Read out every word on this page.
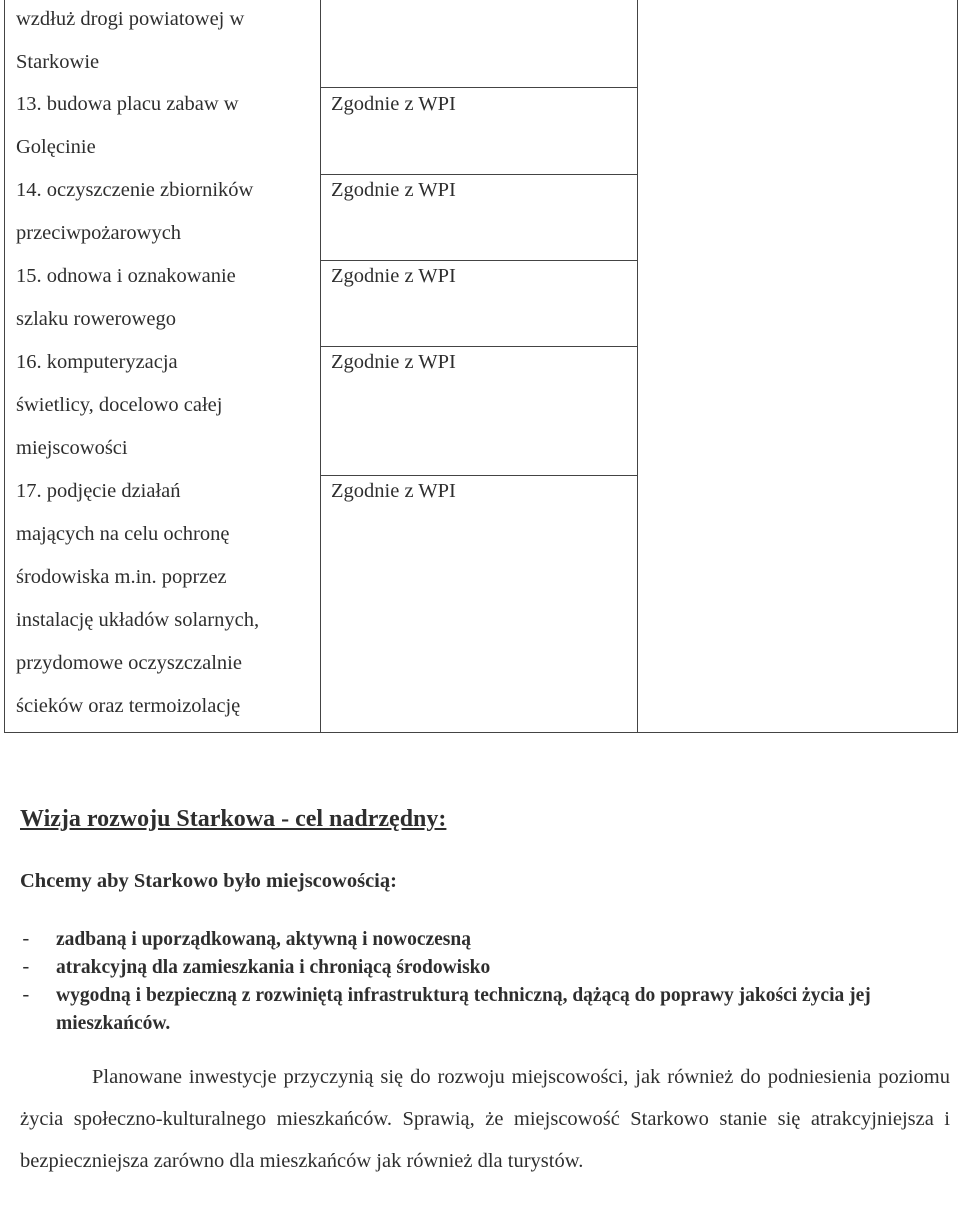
wzdłuż drogi powiatowej w
Starkowie
13. budowa placu zabaw w
Golęcinie
Zgodnie z WPI
14. oczyszczenie zbiorników
przeciwpożarowych
Zgodnie z WPI
15. odnowa i oznakowanie
szlaku rowerowego
Zgodnie z WPI
16. komputeryzacja
świetlicy, docelowo całej
miejscowości
Zgodnie z WPI
17. podjęcie działań
mających na celu ochronę
środowiska m.in. poprzez
instalację układów solarnych,
przydomowe oczyszczalnie
ścieków oraz termoizolację
Zgodnie z WPI
Wizja rozwoju Starkowa - cel nadrzędny:
Chcemy aby Starkowo było miejscowością:
-	zadbaną i uporządkowaną, aktywną i nowoczesną
-	atrakcyjną dla zamieszkania i chroniącą środowisko
-	wygodną i bezpieczną z rozwiniętą infrastrukturą techniczną, dążącą do poprawy jakości życia jej mieszkańców.
Planowane inwestycje przyczynią się do rozwoju miejscowości, jak również do podniesienia poziomu życia społeczno-kulturalnego mieszkańców. Sprawią, że miejscowość Starkowo stanie się atrakcyjniejsza i bezpieczniejsza zarówno dla mieszkańców jak również dla turystów.
